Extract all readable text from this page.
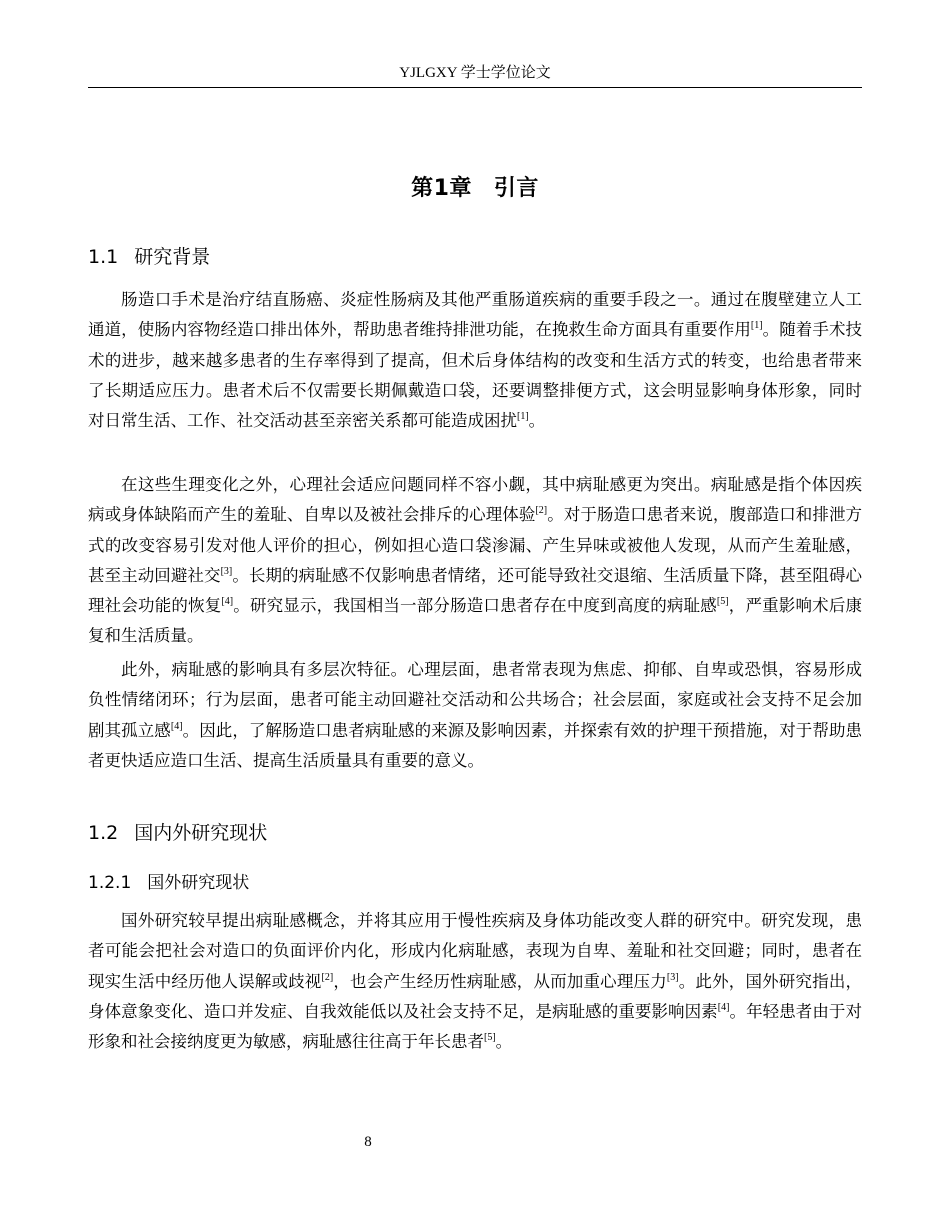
YJLGXY 学士学位论文
第1章 引言
1.1 研究背景

肠造口手术是治疗结直肠癌、炎症性肠病及其他严重肠道疾病的重要手段之一。通过在腹壁建立人工通道，使肠内容物经造口排出体外，帮助患者维持排泄功能，在挽救生命方面具有重要作用[1]。随着手术技术的进步，越来越多患者的生存率得到了提高，但术后身体结构的改变和生活方式的转变，也给患者带来了长期适应压力。患者术后不仅需要长期佩戴造口袋，还要调整排便方式，这会明显影响身体形象，同时对日常生活、工作、社交活动甚至亲密关系都可能造成困扰[1]。

在这些生理变化之外，心理社会适应问题同样不容小觑，其中病耻感更为突出。病耻感是指个体因疾病或身体缺陷而产生的羞耻、自卑以及被社会排斥的心理体验[2]。对于肠造口患者来说，腹部造口和排泄方式的改变容易引发对他人评价的担心，例如担心造口袋渗漏、产生异味或被他人发现，从而产生羞耻感，甚至主动回避社交[3]。长期的病耻感不仅影响患者情绪，还可能导致社交退缩、生活质量下降，甚至阻碍心理社会功能的恢复[4]。研究显示，我国相当一部分肠造口患者存在中度到高度的病耻感[5]，严重影响术后康复和生活质量。

此外，病耻感的影响具有多层次特征。心理层面，患者常表现为焦虑、抑郁、自卑或恐惧，容易形成负性情绪闭环；行为层面，患者可能主动回避社交活动和公共场合；社会层面，家庭或社会支持不足会加剧其孤立感[4]。因此，了解肠造口患者病耻感的来源及影响因素，并探索有效的护理干预措施，对于帮助患者更快适应造口生活、提高生活质量具有重要的意义。

1.2 国内外研究现状
1.2.1 国外研究现状

国外研究较早提出病耻感概念，并将其应用于慢性疾病及身体功能改变人群的研究中。研究发现，患者可能会把社会对造口的负面评价内化，形成内化病耻感，表现为自卑、羞耻和社交回避；同时，患者在现实生活中经历他人误解或歧视[2]，也会产生经历性病耻感，从而加重心理压力[3]。此外，国外研究指出，身体意象变化、造口并发症、自我效能低以及社会支持不足，是病耻感的重要影响因素[4]。年轻患者由于对形象和社会接纳度更为敏感，病耻感往往高于年长患者[5]。

8
